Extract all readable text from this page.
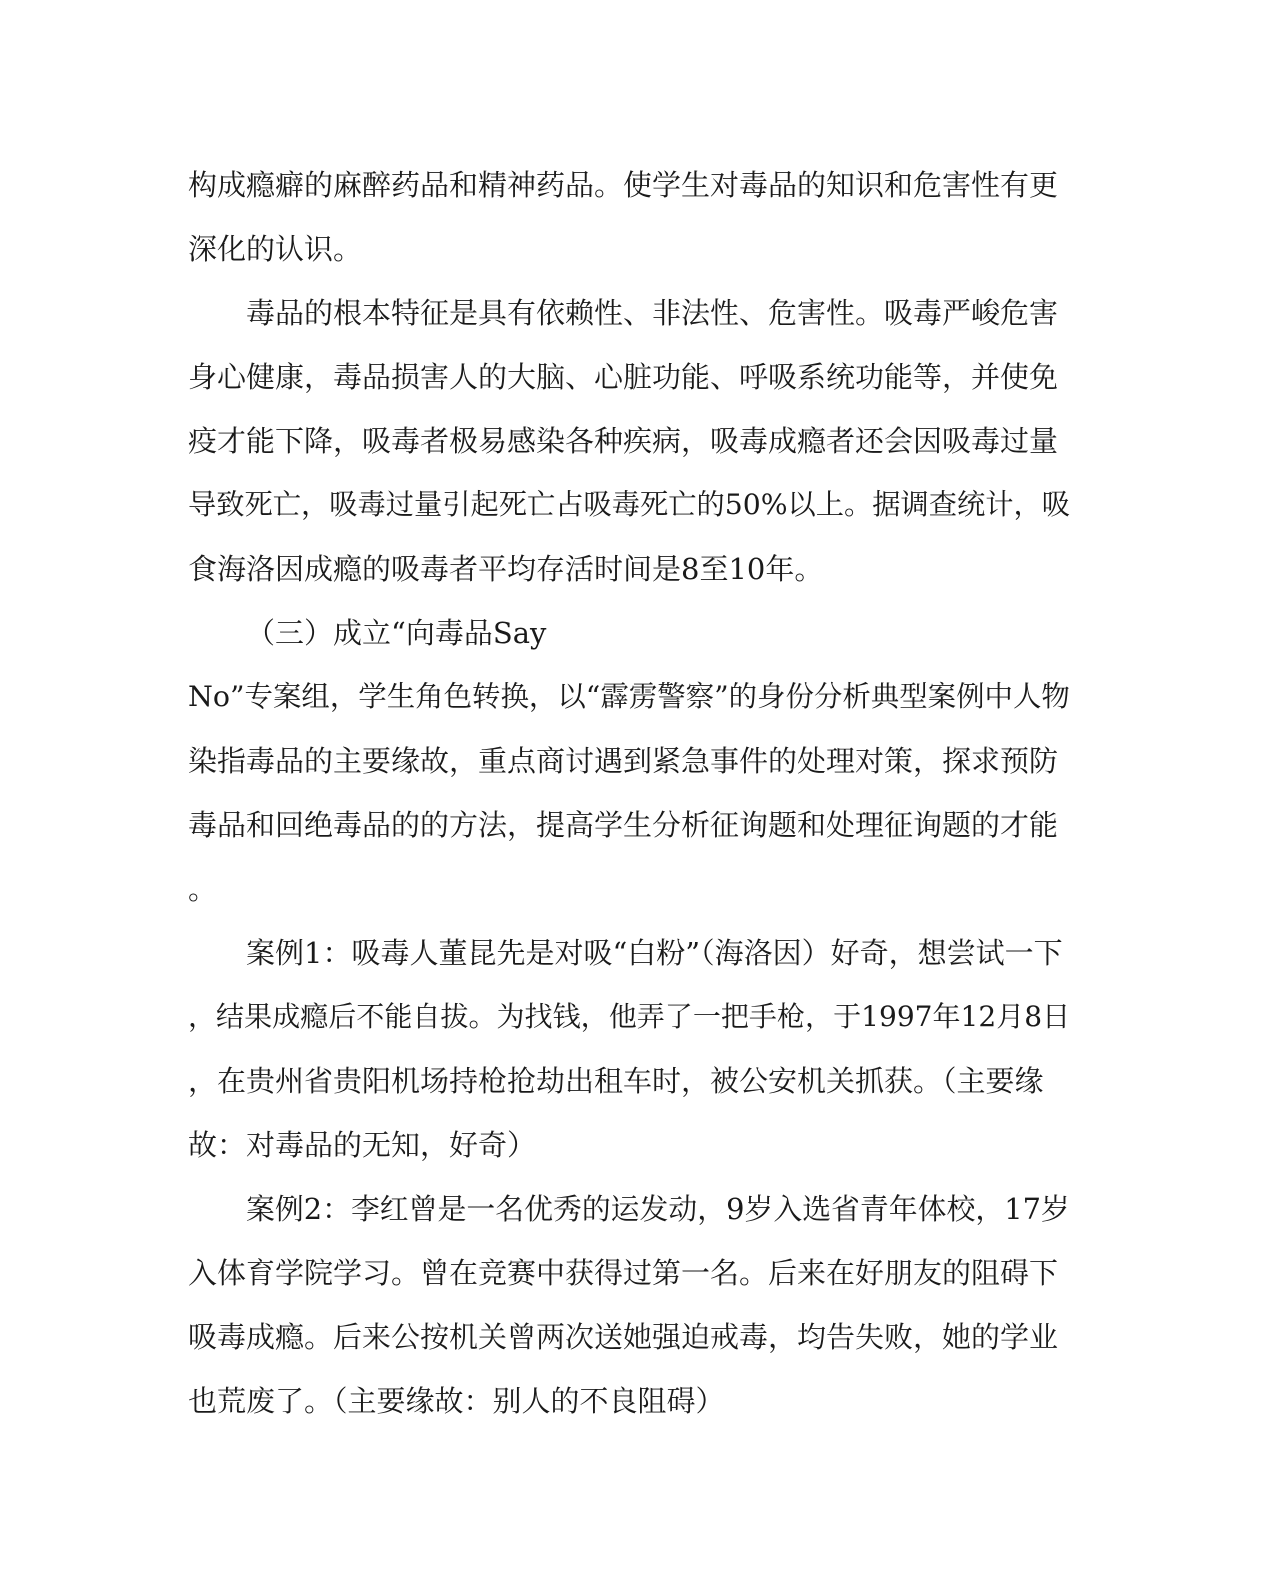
构成瘾癖的麻醉药品和精神药品。使学生对毒品的知识和危害性有更

深化的认识。

毒品的根本特征是具有依赖性、非法性、危害性。吸毒严峻危害

身心健康，毒品损害人的大脑、心脏功能、呼吸系统功能等，并使免

疫才能下降，吸毒者极易感染各种疾病，吸毒成瘾者还会因吸毒过量

导致死亡，吸毒过量引起死亡占吸毒死亡的50%以上。据调查统计，吸

食海洛因成瘾的吸毒者平均存活时间是8至10年。

（三）成立“向毒品Say

No”专案组，学生角色转换，以“霹雳警察”的身份分析典型案例中人物

染指毒品的主要缘故，重点商讨遇到紧急事件的处理对策，探求预防

毒品和回绝毒品的的方法，提高学生分析征询题和处理征询题的才能

。

案例1：吸毒人董昆先是对吸“白粉”（海洛因）好奇，想尝试一下

，结果成瘾后不能自拔。为找钱，他弄了一把手枪，于1997年12月8日

，在贵州省贵阳机场持枪抢劫出租车时，被公安机关抓获。（主要缘

故：对毒品的无知，好奇）

案例2：李红曾是一名优秀的运发动，9岁入选省青年体校，17岁

入体育学院学习。曾在竞赛中获得过第一名。后来在好朋友的阻碍下

吸毒成瘾。后来公按机关曾两次送她强迫戒毒，均告失败，她的学业

也荒废了。（主要缘故：别人的不良阻碍）
